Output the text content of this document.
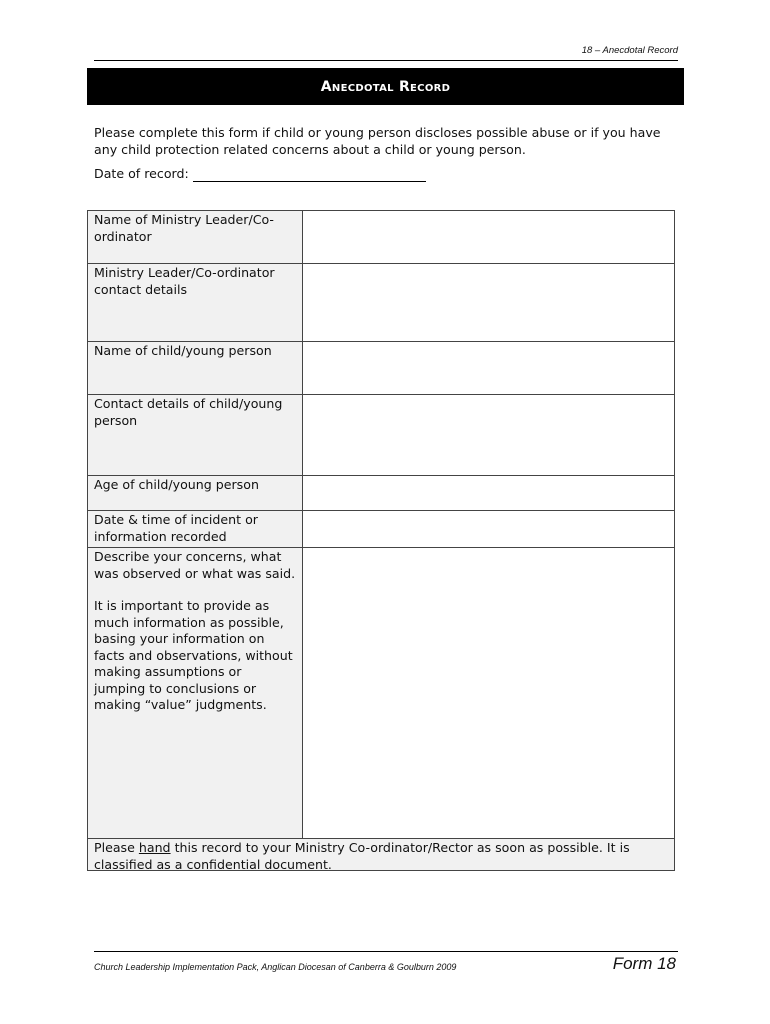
18 – Anecdotal Record
Anecdotal Record
Please complete this form if child or young person discloses possible abuse or if you have any child protection related concerns about a child or young person.
Date of record:

Name of Ministry Leader/Co-ordinator

Ministry Leader/Co-ordinator contact details

Name of child/young person

Contact details of child/young person

Age of child/young person

Date & time of incident or information recorded

Describe your concerns, what was observed or what was said.

It is important to provide as much information as possible, basing your information on facts and observations, without making assumptions or jumping to conclusions or making “value” judgments.

Please hand this record to your Ministry Co-ordinator/Rector as soon as possible. It is classified as a confidential document.
Church Leadership Implementation Pack, Anglican Diocesan of Canberra & Goulburn 2009	Form 18
